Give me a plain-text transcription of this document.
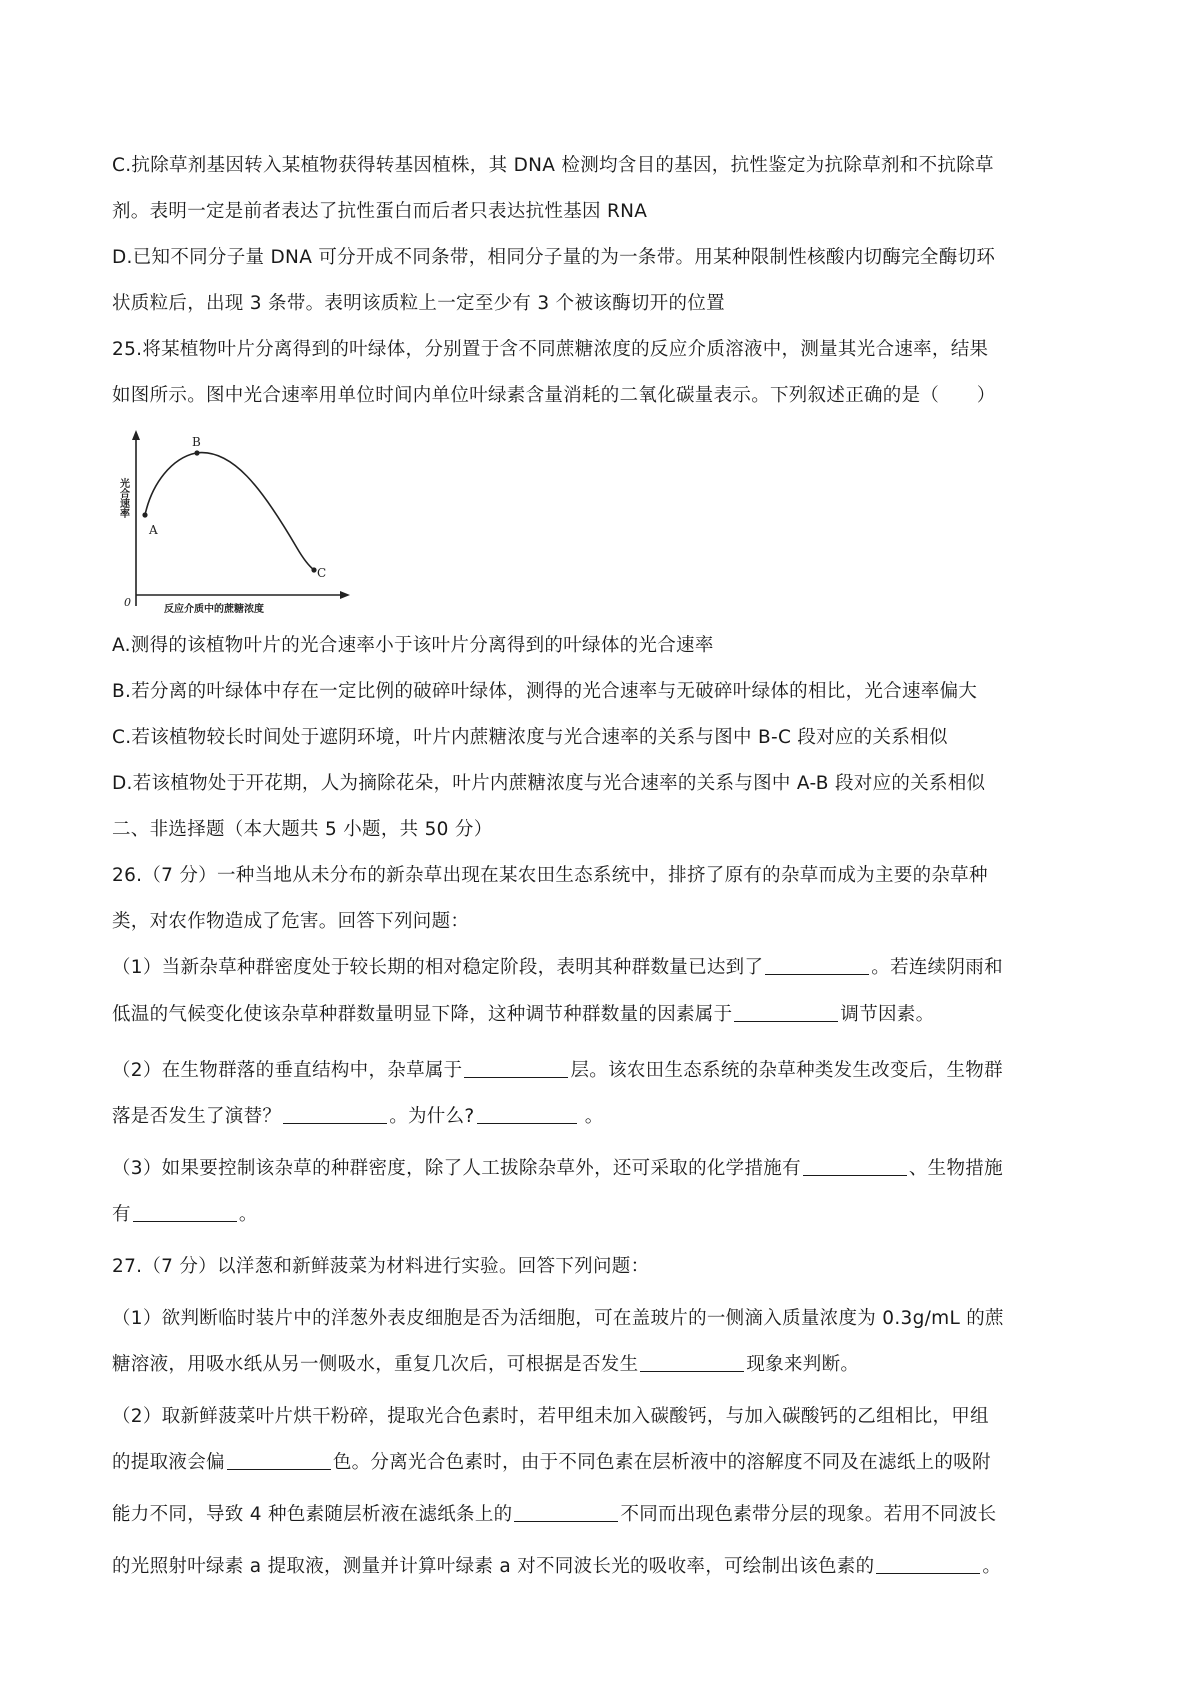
C.抗除草剂基因转入某植物获得转基因植株，其 DNA 检测均含目的基因，抗性鉴定为抗除草剂和不抗除草

剂。表明一定是前者表达了抗性蛋白而后者只表达抗性基因 RNA

D.已知不同分子量 DNA 可分开成不同条带，相同分子量的为一条带。用某种限制性核酸内切酶完全酶切环

状质粒后，出现 3 条带。表明该质粒上一定至少有 3 个被该酶切开的位置

25.将某植物叶片分离得到的叶绿体，分别置于含不同蔗糖浓度的反应介质溶液中，测量其光合速率，结果

如图所示。图中光合速率用单位时间内单位叶绿素含量消耗的二氧化碳量表示。下列叙述正确的是（　　）

A
B
C
0
反应介质中的蔗糖浓度
光合速率

A.测得的该植物叶片的光合速率小于该叶片分离得到的叶绿体的光合速率

B.若分离的叶绿体中存在一定比例的破碎叶绿体，测得的光合速率与无破碎叶绿体的相比，光合速率偏大

C.若该植物较长时间处于遮阴环境，叶片内蔗糖浓度与光合速率的关系与图中 B-C 段对应的关系相似

D.若该植物处于开花期，人为摘除花朵，叶片内蔗糖浓度与光合速率的关系与图中 A-B 段对应的关系相似

二、非选择题（本大题共 5 小题，共 50 分）

26.（7 分）一种当地从未分布的新杂草出现在某农田生态系统中，排挤了原有的杂草而成为主要的杂草种

类，对农作物造成了危害。回答下列问题：

（1）当新杂草种群密度处于较长期的相对稳定阶段，表明其种群数量已达到了	。若连续阴雨和

低温的气候变化使该杂草种群数量明显下降，这种调节种群数量的因素属于	调节因素。

（2）在生物群落的垂直结构中，杂草属于	层。该农田生态系统的杂草种类发生改变后，生物群

落是否发生了演替？	。为什么?	。

（3）如果要控制该杂草的种群密度，除了人工拔除杂草外，还可采取的化学措施有	、生物措施

有	。

27.（7 分）以洋葱和新鲜菠菜为材料进行实验。回答下列问题：

（1）欲判断临时装片中的洋葱外表皮细胞是否为活细胞，可在盖玻片的一侧滴入质量浓度为 0.3g/mL 的蔗

糖溶液，用吸水纸从另一侧吸水，重复几次后，可根据是否发生	现象来判断。

（2）取新鲜菠菜叶片烘干粉碎，提取光合色素时，若甲组未加入碳酸钙，与加入碳酸钙的乙组相比，甲组

的提取液会偏	色。分离光合色素时，由于不同色素在层析液中的溶解度不同及在滤纸上的吸附

能力不同，导致 4 种色素随层析液在滤纸条上的	不同而出现色素带分层的现象。若用不同波长

的光照射叶绿素 a 提取液，测量并计算叶绿素 a 对不同波长光的吸收率，可绘制出该色素的	。
